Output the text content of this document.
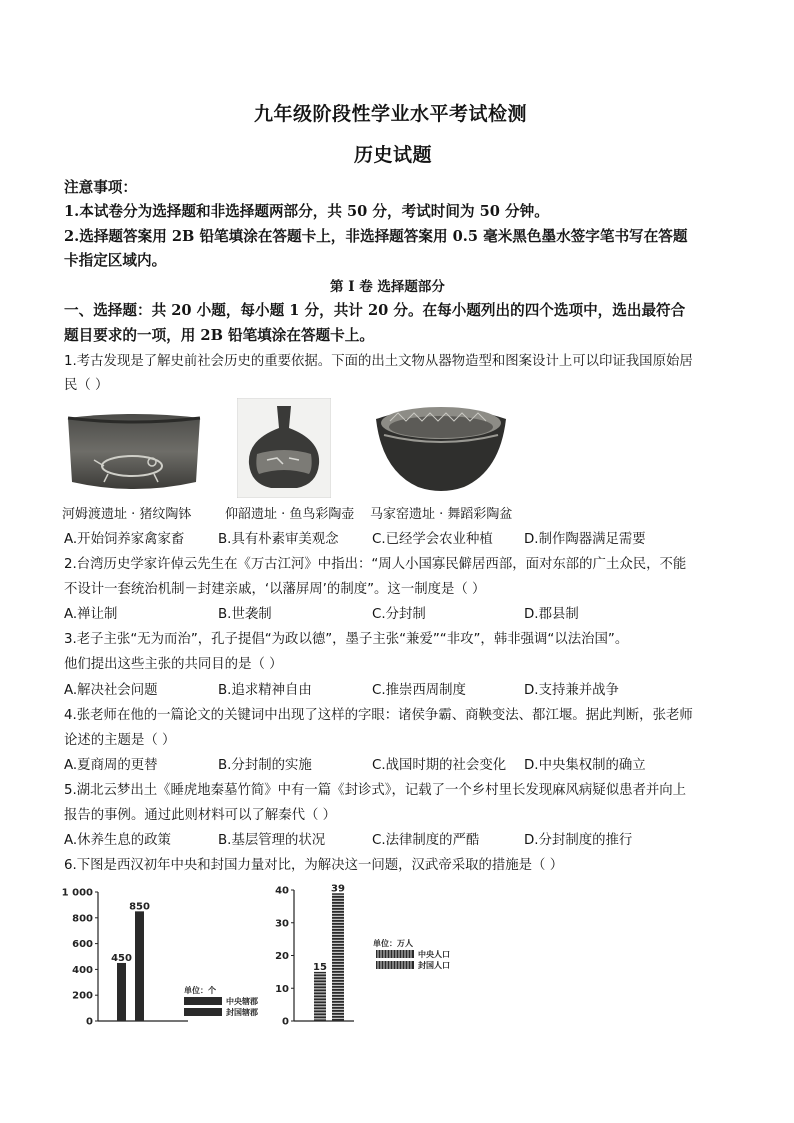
九年级阶段性学业水平考试检测
历史试题
注意事项：
1.本试卷分为选择题和非选择题两部分，共 50 分，考试时间为 50 分钟。
2.选择题答案用 2B 铅笔填涂在答题卡上，非选择题答案用 0.5 毫米黑色墨水签字笔书写在答题
卡指定区域内。
第 I 卷 选择题部分
一、选择题：共 20 小题，每小题 1 分，共计 20 分。在每小题列出的四个选项中，选出最符合
题目要求的一项，用 2B 铅笔填涂在答题卡上。
1.考古发现是了解史前社会历史的重要依据。下面的出土文物从器物造型和图案设计上可以印证我国原始居
民（ ）
河姆渡遗址 · 猪纹陶钵	仰韶遗址 · 鱼鸟彩陶壶 马家窑遗址 · 舞蹈彩陶盆
A.开始饲养家禽家畜	B.具有朴素审美观念 C.已经学会农业种植 D.制作陶器满足需要
2.台湾历史学家许倬云先生在《万古江河》中指出：“周人小国寡民僻居西部，面对东部的广土众民，不能
不设计一套统治机制－封建亲戚，‘以藩屏周’的制度”。这一制度是（ ）
A.禅让制	B.世袭制	C.分封制	D.郡县制
3.老子主张“无为而治”，孔子提倡“为政以德”，墨子主张“兼爱”“非攻”，韩非强调“以法治国”。
他们提出这些主张的共同目的是（ ）
A.解决社会问题	B.追求精神自由	C.推崇西周制度	D.支持兼并战争
4.张老师在他的一篇论文的关键词中出现了这样的字眼：诸侯争霸、商鞅变法、都江堰。据此判断，张老师
论述的主题是（ ）
A.夏商周的更替	B.分封制的实施	C.战国时期的社会变化 D.中央集权制的确立
5.湖北云梦出土《睡虎地秦墓竹简》中有一篇《封诊式》，记载了一个乡村里长发现麻风病疑似患者并向上
报告的事例。通过此则材料可以了解秦代（ ）
A.休养生息的政策	B.基层管理的状况	C.法律制度的严酷	D.分封制度的推行
6.下图是西汉初年中央和封国力量对比，为解决这一问题，汉武帝采取的措施是（ ）
1 000
800
600
400
200
0
450
850
单位：个
中央辖郡
封国辖郡
40
30
20
10
0
15
39
单位：万人
中央人口
封国人口
